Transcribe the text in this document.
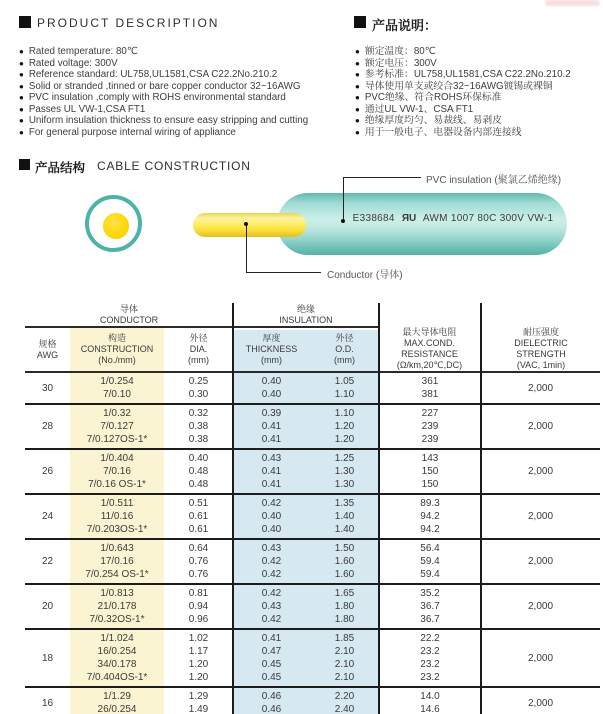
PRODUCT DESCRIPTION
● Rated temperature: 80℃
● Rated voltage: 300V
● Reference standard: UL758,UL1581,CSA C22.2No.210.2
● Solid or stranded ,tinned or bare copper conductor 32~16AWG
● PVC insulation ,comply with ROHS environmental standard
● Passes UL VW-1,CSA FT1
● Uniform insulation thickness to ensure easy stripping and cutting
● For general purpose internal wiring of appliance
产品说明：
● 额定温度：80℃
● 额定电压：300V
● 参考标准：UL758,UL1581,CSA C22.2No.210.2
● 导体使用单支或绞合32~16AWG镀锡或裸铜
● PVC绝缘、符合ROHS环保标准
● 通过UL VW-1、CSA FT1
● 绝缘厚度均匀、易裁线、易剥皮
● 用于一般电子、电器设备内部连接线
产品结构 CABLE CONSTRUCTION
E338684 ЯU AWM 1007 80C 300V VW-1
PVC insulation (聚氯乙烯绝缘)
Conductor (导体)
导体
CONDUCTOR
绝缘
INSULATION
规格
AWG
构造
CONSTRUCTION
(No./mm)
外径
DIA.
(mm)
厚度
THICKNESS
(mm)
外径
O.D.
(mm)
最大导体电阻
MAX.COND.
RESISTANCE
(Ω/km,20℃,DC)
耐压强度
DIELECTRIC
STRENGTH
(VAC, 1min)
30
1/0.254
7/0.10
0.25
0.30
0.40
0.40
1.05
1.10
361
381
2,000
28
1/0.32
7/0.127
7/0.127OS-1*
0.32
0.38
0.38
0.39
0.41
0.41
1.10
1.20
1.20
227
239
239
2,000
26
1/0.404
7/0.16
7/0.16 OS-1*
0.40
0.48
0.48
0.43
0.41
0.41
1.25
1.30
1.30
143
150
150
2,000
24
1/0.511
11/0.16
7/0.203OS-1*
0.51
0.61
0.61
0.42
0.40
0.40
1.35
1.40
1.40
89.3
94.2
94.2
2,000
22
1/0.643
17/0.16
7/0.254 OS-1*
0.64
0.76
0.76
0.43
0.42
0.42
1.50
1.60
1.60
56.4
59.4
59.4
2,000
20
1/0.813
21/0.178
7/0.32OS-1*
0.81
0.94
0.96
0.42
0.43
0.42
1.65
1.80
1.80
35.2
36.7
36.7
2,000
18
1/1.024
16/0.254
34/0.178
7/0.404OS-1*
1.02
1.17
1.20
1.20
0.41
0.47
0.45
0.45
1.85
2.10
2.10
2.10
22.2
23.2
23.2
23.2
2,000
16
1/1.29
26/0.254
1.29
1.49
0.46
0.46
2.20
2.40
14.0
14.6
2,000
